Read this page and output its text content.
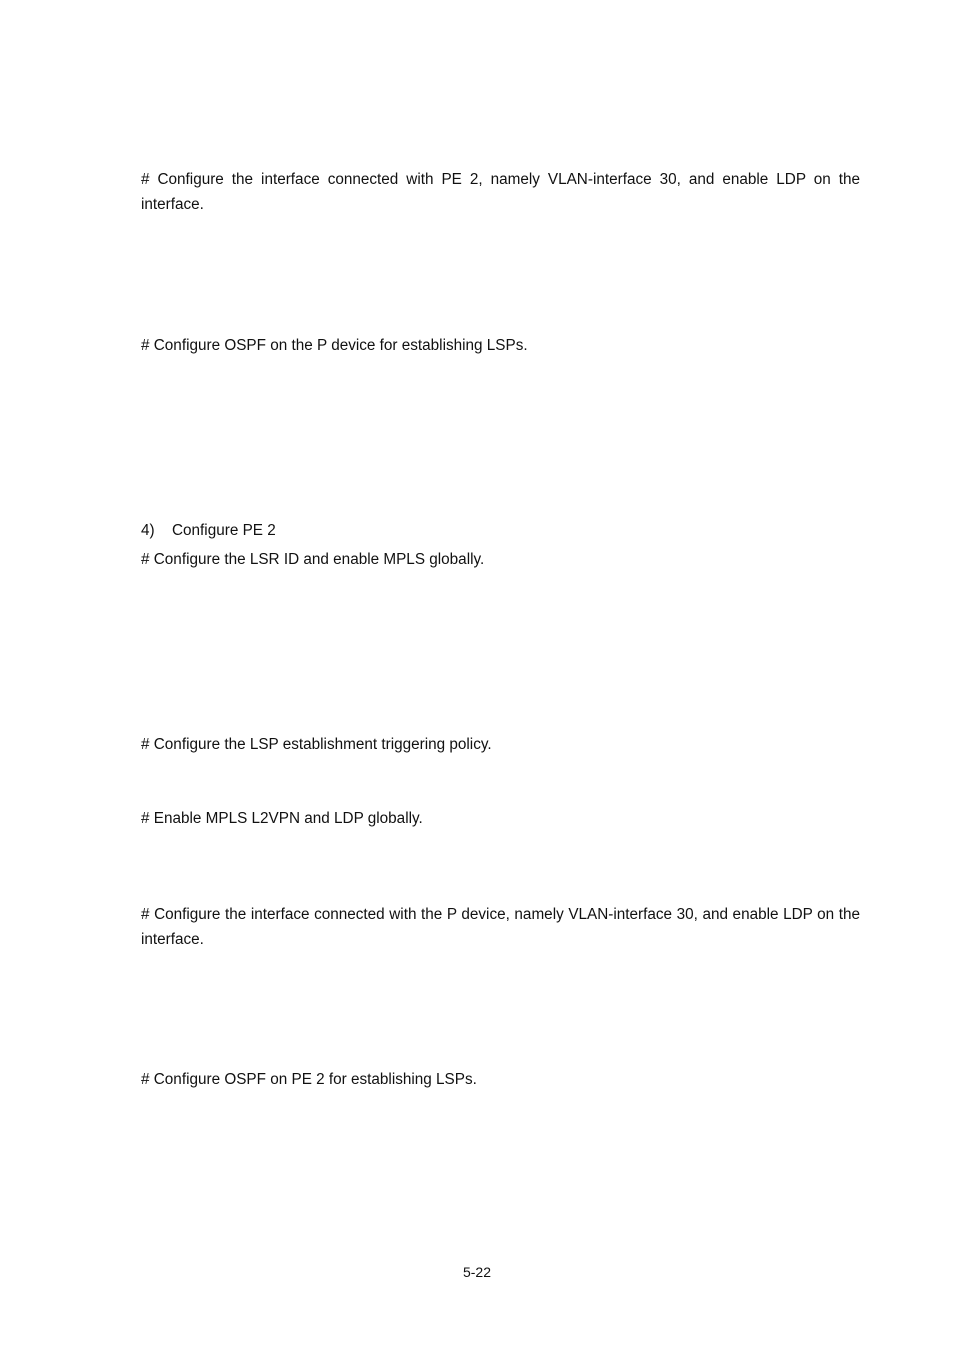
# Configure the interface connected with PE 2, namely VLAN-interface 30, and enable LDP on the interface.

# Configure OSPF on the P device for establishing LSPs.

4) Configure PE 2

# Configure the LSR ID and enable MPLS globally.

# Configure the LSP establishment triggering policy.

# Enable MPLS L2VPN and LDP globally.

# Configure the interface connected with the P device, namely VLAN-interface 30, and enable LDP on the interface.

# Configure OSPF on PE 2 for establishing LSPs.

5-22
